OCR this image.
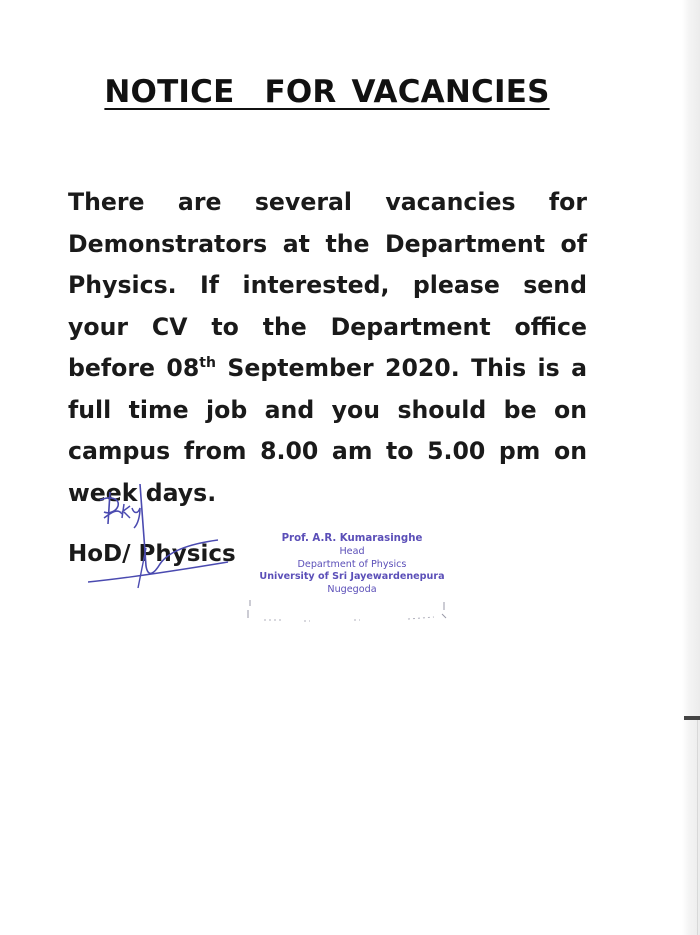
NOTICE  FOR VACANCIES
There are several vacancies for Demonstrators at the Department of Physics. If interested, please send your CV to the Department office before 08th September 2020. This is a full time job and you should be on campus from 8.00 am to 5.00 pm on week days.
HoD/ Physics
Prof. A.R. Kumarasinghe
Head
Department of Physics
University of Sri Jayewardenepura
Nugegoda
